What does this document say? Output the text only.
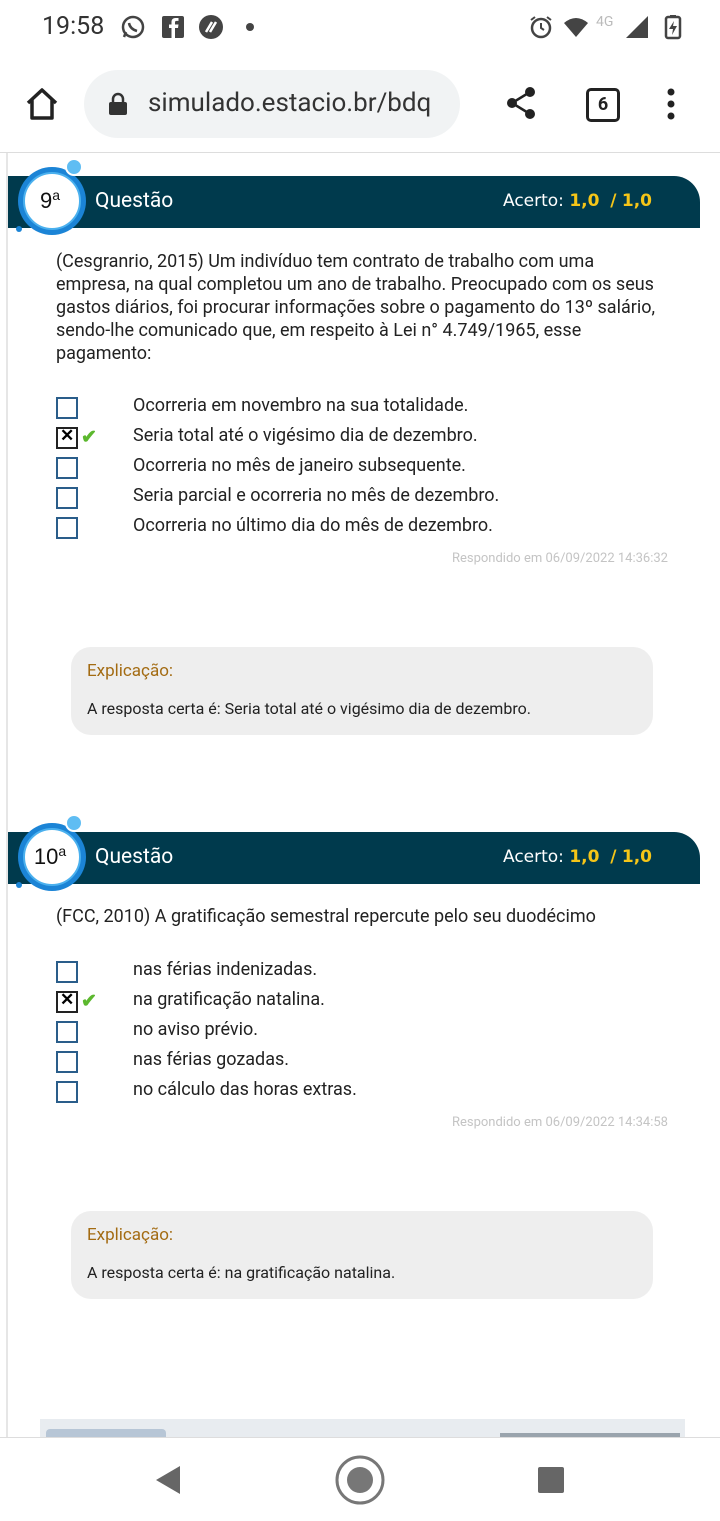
19:58	4G
simulado.estacio.br/bdq	6
Questão	Acerto: 1,0 / 1,0
9$^a$
(Cesgranrio, 2015) Um indivíduo tem contrato de trabalho com uma empresa, na qual completou um ano de trabalho. Preocupado com os seus gastos diários, foi procurar informações sobre o pagamento do 13º salário, sendo-lhe comunicado que, em respeito à Lei n° 4.749/1965, esse pagamento:
Ocorreria em novembro na sua totalidade.
✕
✔ Seria total até o vigésimo dia de dezembro.
Ocorreria no mês de janeiro subsequente.
Seria parcial e ocorreria no mês de dezembro.
Ocorreria no último dia do mês de dezembro.
Respondido em 06/09/2022 14:36:32
Explicação:
A resposta certa é: Seria total até o vigésimo dia de dezembro.
Questão	Acerto: 1,0 / 1,0
10$^a$
(FCC, 2010) A gratificação semestral repercute pelo seu duodécimo
nas férias indenizadas.
✕
✔ na gratificação natalina.
no aviso prévio.
nas férias gozadas.
no cálculo das horas extras.
Respondido em 06/09/2022 14:34:58
Explicação:
A resposta certa é: na gratificação natalina.
